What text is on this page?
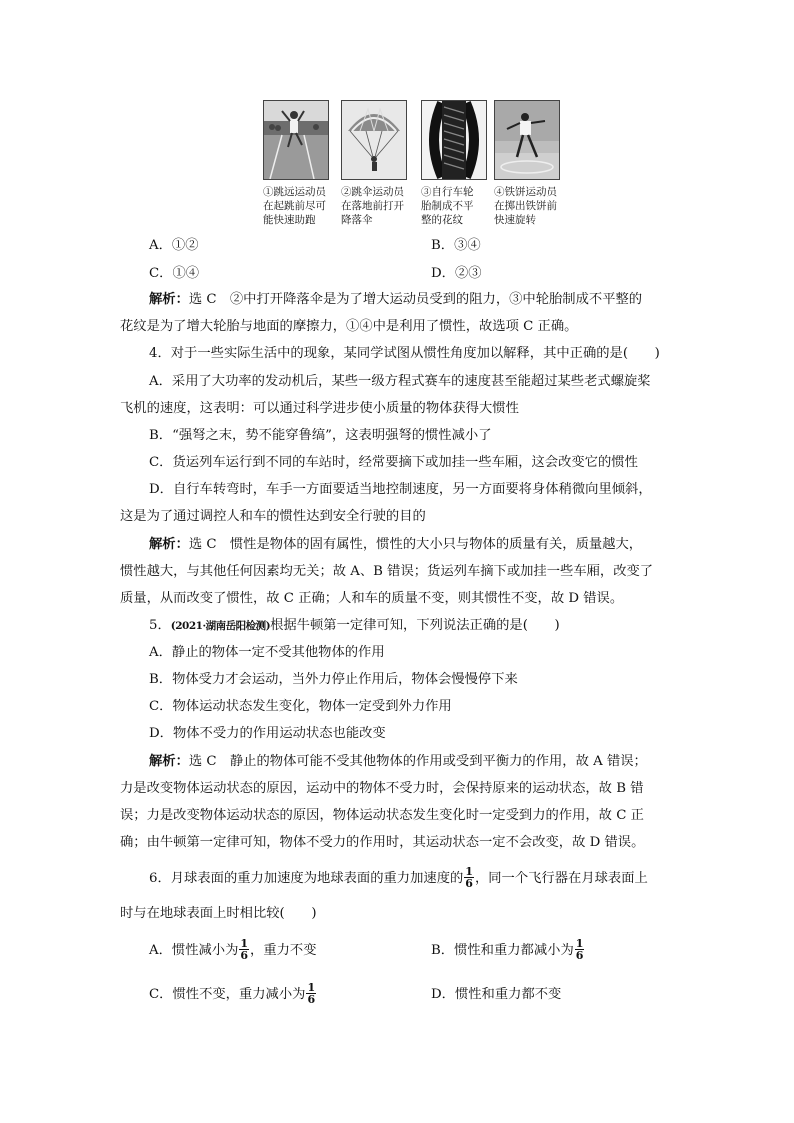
①跳远运动员
在起跳前尽可
能快速助跑
②跳伞运动员
在落地前打开
降落伞
③自行车轮
胎制成不平
整的花纹
④铁饼运动员
在掷出铁饼前
快速旋转
A．①②	B．③④
C．①④	D．②③
解析：选 C　②中打开降落伞是为了增大运动员受到的阻力，③中轮胎制成不平整的
花纹是为了增大轮胎与地面的摩擦力，①④中是利用了惯性，故选项 C 正确。
4．对于一些实际生活中的现象，某同学试图从惯性角度加以解释，其中正确的是(　　)
A．采用了大功率的发动机后，某些一级方程式赛车的速度甚至能超过某些老式螺旋桨
飞机的速度，这表明：可以通过科学进步使小质量的物体获得大惯性
B．“强弩之末，势不能穿鲁缟”，这表明强弩的惯性减小了
C．货运列车运行到不同的车站时，经常要摘下或加挂一些车厢，这会改变它的惯性
D．自行车转弯时，车手一方面要适当地控制速度，另一方面要将身体稍微向里倾斜，
这是为了通过调控人和车的惯性达到安全行驶的目的
解析：选 C　惯性是物体的固有属性，惯性的大小只与物体的质量有关，质量越大，
惯性越大，与其他任何因素均无关；故 A、B 错误；货运列车摘下或加挂一些车厢，改变了
质量，从而改变了惯性，故 C 正确；人和车的质量不变，则其惯性不变，故 D 错误。
5．(2021·湖南岳阳检测)根据牛顿第一定律可知，下列说法正确的是(　　)
A．静止的物体一定不受其他物体的作用
B．物体受力才会运动，当外力停止作用后，物体会慢慢停下来
C．物体运动状态发生变化，物体一定受到外力作用
D．物体不受力的作用运动状态也能改变
解析：选 C　静止的物体可能不受其他物体的作用或受到平衡力的作用，故 A 错误；
力是改变物体运动状态的原因，运动中的物体不受力时，会保持原来的运动状态，故 B 错
误；力是改变物体运动状态的原因，物体运动状态发生变化时一定受到力的作用，故 C 正
确；由牛顿第一定律可知，物体不受力的作用时，其运动状态一定不会改变，故 D 错误。
6．月球表面的重力加速度为地球表面的重力加速度的 $\frac{1}{6}$ ，同一个飞行器在月球表面上
时与在地球表面上时相比较(　　)
A．惯性减小为 $\frac{1}{6}$ ，重力不变	B．惯性和重力都减小为 $\frac{1}{6}$
C．惯性不变，重力减小为 $\frac{1}{6}$	D．惯性和重力都不变
